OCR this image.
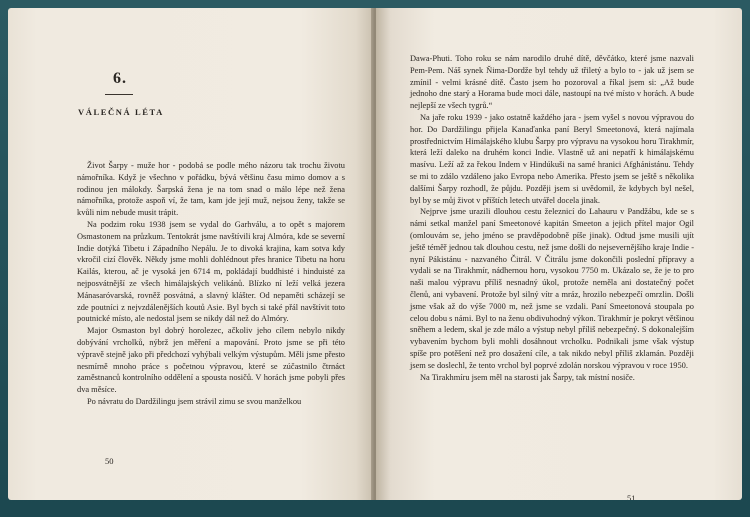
6.
VÁLEČNÁ LÉTA

Život Šarpy - muže hor - podobá se podle mého názoru tak trochu životu námořníka. Když je všechno v pořádku, bývá většinu času mimo domov a s rodinou jen málokdy. Šarpská žena je na tom snad o málo lépe než žena námořníka, protože aspoň ví, že tam, kam jde její muž, nejsou ženy, takže se kvůli nim nebude musit trápit.

Na podzim roku 1938 jsem se vydal do Garhválu, a to opět s majorem Osmastonem na průzkum. Tentokrát jsme navštívili kraj Almóra, kde se severní Indie dotýká Tibetu i Západního Nepálu. Je to divoká krajina, kam sotva kdy vkročil cizí člověk. Někdy jsme mohli dohlédnout přes hranice Tibetu na horu Kailás, kterou, ač je vysoká jen 6714 m, pokládají buddhisté i hinduisté za nejposvátnější ze všech himálajských velikánů. Blízko ní leží velká jezera Mánasaróvarská, rovněž posvátná, a slavný klášter. Od nepaměti scházejí se zde poutníci z nejvzdálenějších koutů Asie. Byl bych si také přál navštívit toto poutnické místo, ale nedostal jsem se nikdy dál než do Almóry.

Major Osmaston byl dobrý horolezec, ačkoliv jeho cílem nebylo nikdy dobývání vrcholků, nýbrž jen měření a mapování. Proto jsme se při této výpravě stejně jako při předchozí vyhýbali velkým výstupům. Měli jsme přesto nesmírně mnoho práce s početnou výpravou, které se zúčastnilo čtrnáct zaměstnanců kontrolního oddělení a spousta nosičů. V horách jsme pobyli přes dva měsíce.

Po návratu do Dardžilingu jsem strávil zimu se svou manželkou

50

Dawa-Phuti. Toho roku se nám narodilo druhé dítě, děvčátko, které jsme nazvali Pem-Pem. Náš synek Ňima-Dordže byl tehdy už třiletý a bylo to - jak už jsem se zmínil - velmi krásné dítě. Často jsem ho pozoroval a říkal jsem si: „Až bude jednoho dne starý a Horama bude moci dále, nastoupí na tvé místo v horách. A bude nejlepší ze všech tygrů.“

Na jaře roku 1939 - jako ostatně každého jara - jsem vyšel s novou výpravou do hor. Do Dardžilingu přijela Kanaďanka paní Beryl Smeetonová, která najímala prostřednictvím Himálajského klubu Šarpy pro výpravu na vysokou horu Tirakhmír, která leží daleko na druhém konci Indie. Vlastně už ani nepatří k himálajskému masívu. Leží až za řekou Indem v Hindúkuši na samé hranici Afghánistánu. Tehdy se mi to zdálo vzdáleno jako Evropa nebo Amerika. Přesto jsem se ještě s několika dalšími Šarpy rozhodl, že půjdu. Později jsem si uvědomil, že kdybych byl nešel, byl by se můj život v příštích letech utvářel docela jinak.

Nejprve jsme urazili dlouhou cestu železnicí do Lahauru v Pandžábu, kde se s námi setkal manžel paní Smeetonové kapitán Smeeton a jejich přítel major Ogil (omlouvám se, jeho jméno se pravděpodobně píše jinak). Odtud jsme musili ujít ještě téměř jednou tak dlouhou cestu, než jsme došli do nejsevernějšího kraje Indie - nyní Pákistánu - nazvaného Čitrál. V Čitrálu jsme dokončili poslední přípravy a vydali se na Tirakhmír, nádhernou horu, vysokou 7750 m. Ukázalo se, že je to pro naši malou výpravu příliš nesnadný úkol, protože neměla ani dostatečný počet členů, ani vybavení. Protože byl silný vítr a mráz, hrozilo nebezpečí omrzlin. Došli jsme však až do výše 7000 m, než jsme se vzdali. Paní Smeetonová stoupala po celou dobu s námi. Byl to na ženu obdivuhodný výkon. Tirakhmír je pokryt většinou sněhem a ledem, skal je zde málo a výstup nebyl příliš nebezpečný. S dokonalejším vybavením bychom byli mohli dosáhnout vrcholku. Podnikali jsme však výstup spíše pro potěšení než pro dosažení cíle, a tak nikdo nebyl příliš zklamán. Později jsem se doslechl, že tento vrchol byl poprvé zdolán norskou výpravou v roce 1950.

Na Tirakhmíru jsem měl na starosti jak Šarpy, tak místní nosiče.

51
